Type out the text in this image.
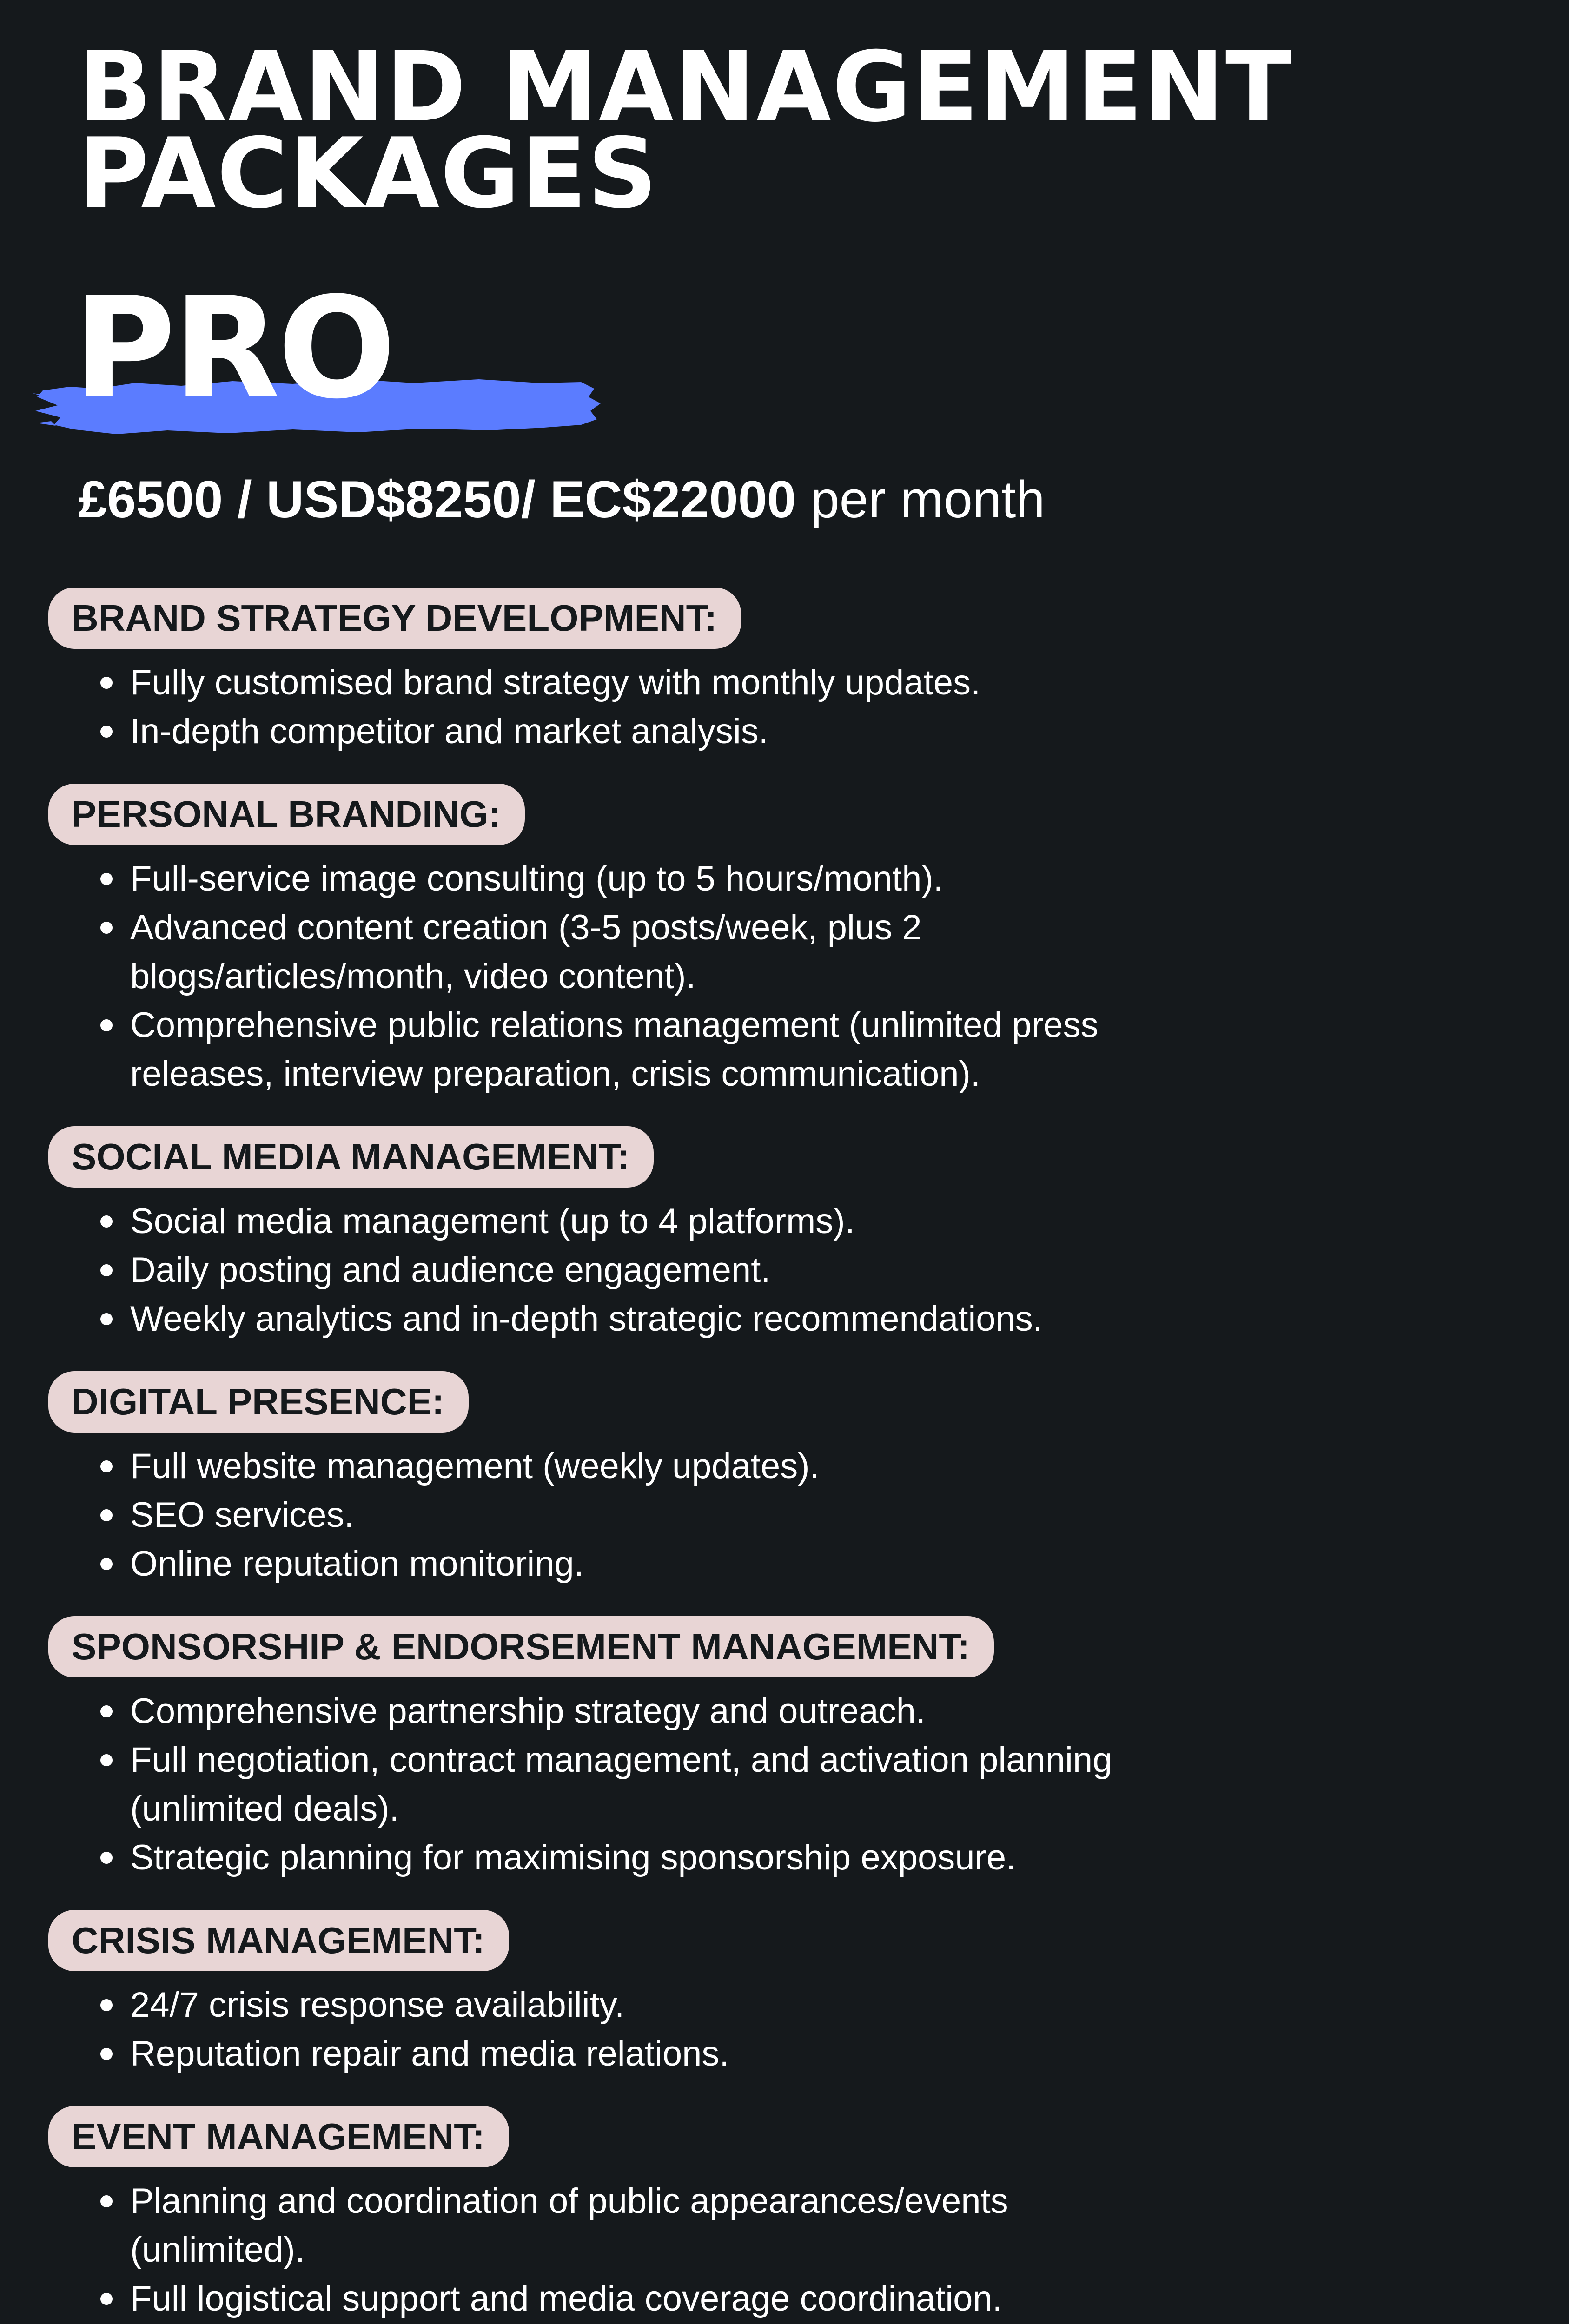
BRAND MANAGEMENT
PACKAGES
PRO
£6500 / USD$8250/ EC$22000 per month
BRAND STRATEGY DEVELOPMENT:
Fully customised brand strategy with monthly updates.
In-depth competitor and market analysis.
PERSONAL BRANDING:
Full-service image consulting (up to 5 hours/month).
Advanced content creation (3-5 posts/week, plus 2 blogs/articles/month, video content).
Comprehensive public relations management (unlimited press releases, interview preparation, crisis communication).
SOCIAL MEDIA MANAGEMENT:
Social media management (up to 4 platforms).
Daily posting and audience engagement.
Weekly analytics and in-depth strategic recommendations.
DIGITAL PRESENCE:
Full website management (weekly updates).
SEO services.
Online reputation monitoring.
SPONSORSHIP & ENDORSEMENT MANAGEMENT:
Comprehensive partnership strategy and outreach.
Full negotiation, contract management, and activation planning (unlimited deals).
Strategic planning for maximising sponsorship exposure.
CRISIS MANAGEMENT:
24/7 crisis response availability.
Reputation repair and media relations.
EVENT MANAGEMENT:
Planning and coordination of public appearances/events (unlimited).
Full logistical support and media coverage coordination.
